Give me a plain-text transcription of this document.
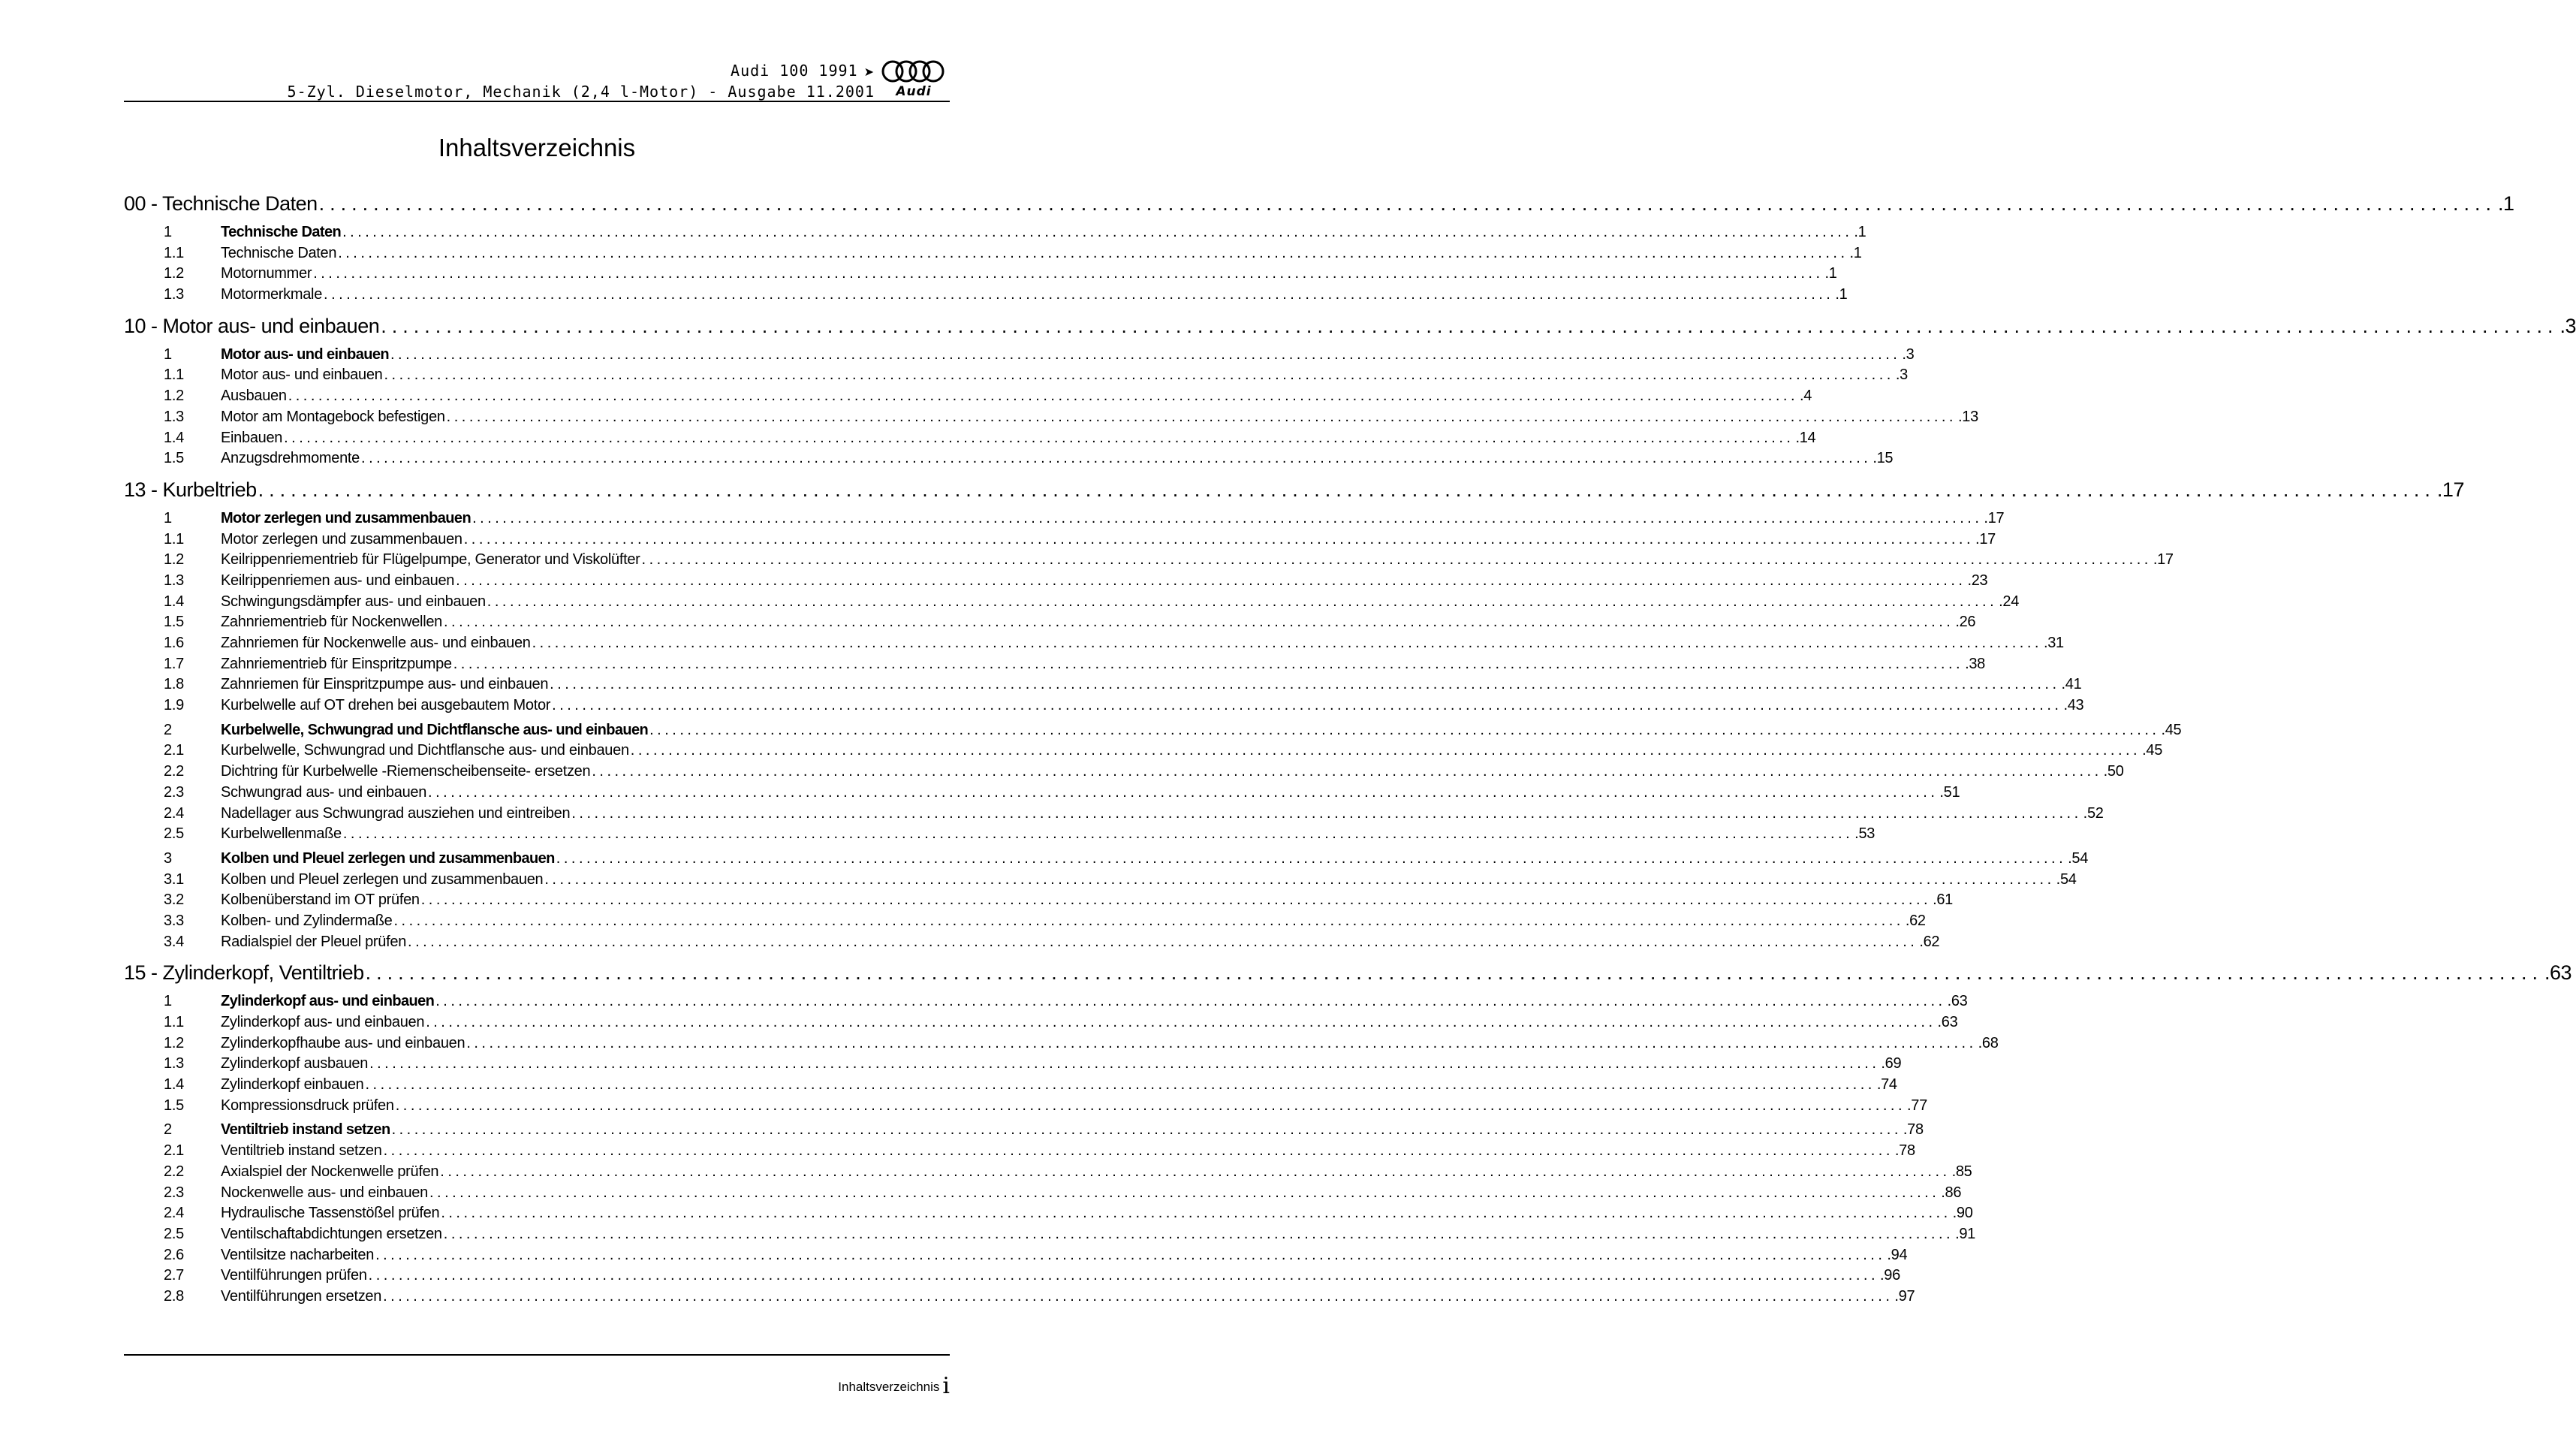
Audi 100 1991 ➤
5-Zyl. Dieselmotor, Mechanik (2,4 l-Motor) - Ausgabe 11.2001	Audi
Inhaltsverzeichnis
00 - Technische Daten ........................................................................................................................................................................................................ . 1
1	Technische Daten ........................................................................................................................................................................................................ . 1
1.1	Technische Daten ........................................................................................................................................................................................................ . 1
1.2	Motornummer ........................................................................................................................................................................................................ . 1
1.3	Motormerkmale ........................................................................................................................................................................................................ . 1
10 - Motor aus- und einbauen ........................................................................................................................................................................................................ . 3
1	Motor aus- und einbauen ........................................................................................................................................................................................................ . 3
1.1	Motor aus- und einbauen ........................................................................................................................................................................................................ . 3
1.2	Ausbauen ........................................................................................................................................................................................................ . 4
1.3	Motor am Montagebock befestigen ........................................................................................................................................................................................................ . 13
1.4	Einbauen ........................................................................................................................................................................................................ . 14
1.5	Anzugsdrehmomente ........................................................................................................................................................................................................ . 15
13 - Kurbeltrieb ........................................................................................................................................................................................................ . 17
1	Motor zerlegen und zusammenbauen ........................................................................................................................................................................................................ . 17
1.1	Motor zerlegen und zusammenbauen ........................................................................................................................................................................................................ . 17
1.2	Keilrippenriementrieb für Flügelpumpe, Generator und Viskolüfter ........................................................................................................................................................................................................ . 17
1.3	Keilrippenriemen aus- und einbauen ........................................................................................................................................................................................................ . 23
1.4	Schwingungsdämpfer aus- und einbauen ........................................................................................................................................................................................................ . 24
1.5	Zahnriementrieb für Nockenwellen ........................................................................................................................................................................................................ . 26
1.6	Zahnriemen für Nockenwelle aus- und einbauen ........................................................................................................................................................................................................ . 31
1.7	Zahnriementrieb für Einspritzpumpe ........................................................................................................................................................................................................ . 38
1.8	Zahnriemen für Einspritzpumpe aus- und einbauen ........................................................................................................................................................................................................ . 41
1.9	Kurbelwelle auf OT drehen bei ausgebautem Motor ........................................................................................................................................................................................................ . 43
2	Kurbelwelle, Schwungrad und Dichtflansche aus- und einbauen ........................................................................................................................................................................................................ . 45
2.1	Kurbelwelle, Schwungrad und Dichtflansche aus- und einbauen ........................................................................................................................................................................................................ . 45
2.2	Dichtring für Kurbelwelle -Riemenscheibenseite- ersetzen ........................................................................................................................................................................................................ . 50
2.3	Schwungrad aus- und einbauen ........................................................................................................................................................................................................ . 51
2.4	Nadellager aus Schwungrad ausziehen und eintreiben ........................................................................................................................................................................................................ . 52
2.5	Kurbelwellenmaße ........................................................................................................................................................................................................ . 53
3	Kolben und Pleuel zerlegen und zusammenbauen ........................................................................................................................................................................................................ . 54
3.1	Kolben und Pleuel zerlegen und zusammenbauen ........................................................................................................................................................................................................ . 54
3.2	Kolbenüberstand im OT prüfen ........................................................................................................................................................................................................ . 61
3.3	Kolben- und Zylindermaße ........................................................................................................................................................................................................ . 62
3.4	Radialspiel der Pleuel prüfen ........................................................................................................................................................................................................ . 62
15 - Zylinderkopf, Ventiltrieb ........................................................................................................................................................................................................ . 63
1	Zylinderkopf aus- und einbauen ........................................................................................................................................................................................................ . 63
1.1	Zylinderkopf aus- und einbauen ........................................................................................................................................................................................................ . 63
1.2	Zylinderkopfhaube aus- und einbauen ........................................................................................................................................................................................................ . 68
1.3	Zylinderkopf ausbauen ........................................................................................................................................................................................................ . 69
1.4	Zylinderkopf einbauen ........................................................................................................................................................................................................ . 74
1.5	Kompressionsdruck prüfen ........................................................................................................................................................................................................ . 77
2	Ventiltrieb instand setzen ........................................................................................................................................................................................................ . 78
2.1	Ventiltrieb instand setzen ........................................................................................................................................................................................................ . 78
2.2	Axialspiel der Nockenwelle prüfen ........................................................................................................................................................................................................ . 85
2.3	Nockenwelle aus- und einbauen ........................................................................................................................................................................................................ . 86
2.4	Hydraulische Tassenstößel prüfen ........................................................................................................................................................................................................ . 90
2.5	Ventilschaftabdichtungen ersetzen ........................................................................................................................................................................................................ . 91
2.6	Ventilsitze nacharbeiten ........................................................................................................................................................................................................ . 94
2.7	Ventilführungen prüfen ........................................................................................................................................................................................................ . 96
2.8	Ventilführungen ersetzen ........................................................................................................................................................................................................ . 97
Inhaltsverzeichnis i
